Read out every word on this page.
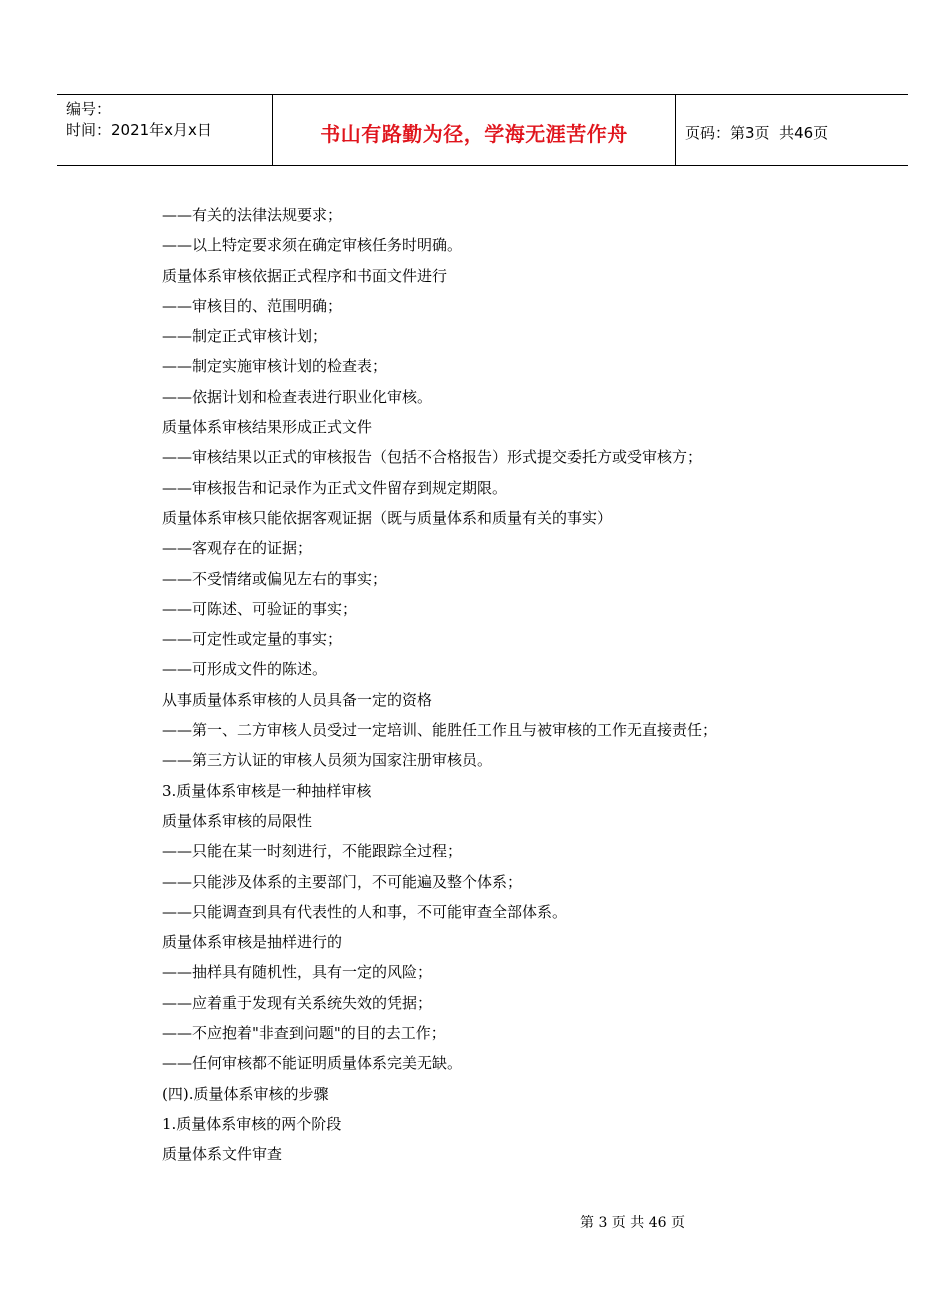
编号：
时间：2021年x月x日	书山有路勤为径，学海无涯苦作舟	页码：第3页  共46页
——有关的法律法规要求；
——以上特定要求须在确定审核任务时明确。
质量体系审核依据正式程序和书面文件进行
——审核目的、范围明确；
——制定正式审核计划；
——制定实施审核计划的检查表；
——依据计划和检查表进行职业化审核。
质量体系审核结果形成正式文件
——审核结果以正式的审核报告（包括不合格报告）形式提交委托方或受审核方；
——审核报告和记录作为正式文件留存到规定期限。
质量体系审核只能依据客观证据（既与质量体系和质量有关的事实）
——客观存在的证据；
——不受情绪或偏见左右的事实；
——可陈述、可验证的事实；
——可定性或定量的事实；
——可形成文件的陈述。
从事质量体系审核的人员具备一定的资格
——第一、二方审核人员受过一定培训、能胜任工作且与被审核的工作无直接责任；
——第三方认证的审核人员须为国家注册审核员。
3.质量体系审核是一种抽样审核
质量体系审核的局限性
——只能在某一时刻进行，不能跟踪全过程；
——只能涉及体系的主要部门，不可能遍及整个体系；
——只能调查到具有代表性的人和事，不可能审查全部体系。
质量体系审核是抽样进行的
——抽样具有随机性，具有一定的风险；
——应着重于发现有关系统失效的凭据；
——不应抱着"非查到问题"的目的去工作；
——任何审核都不能证明质量体系完美无缺。
(四).质量体系审核的步骤
1.质量体系审核的两个阶段
质量体系文件审查
第 3 页 共 46 页
